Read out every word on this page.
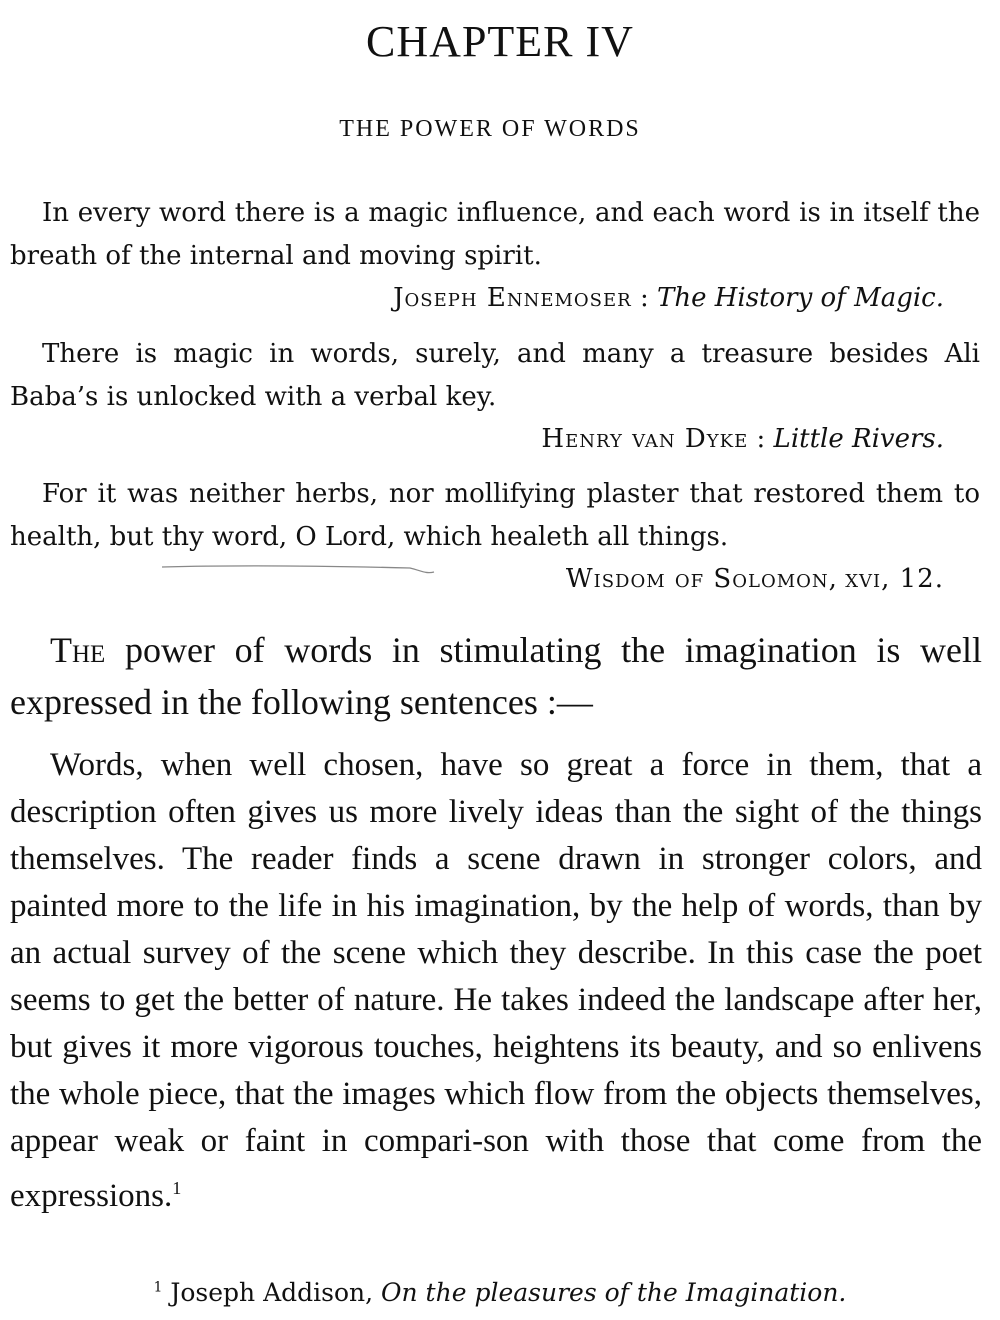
CHAPTER IV
THE POWER OF WORDS
In every word there is a magic influence, and each word is in itself the breath of the internal and moving spirit.
Joseph Ennemoser : The History of Magic.
There is magic in words, surely, and many a treasure besides Ali Baba’s is unlocked with a verbal key.
Henry van Dyke : Little Rivers.
For it was neither herbs, nor mollifying plaster that restored them to health, but thy word, O Lord, which healeth all things.
Wisdom of Solomon, xvi, 12.
The power of words in stimulating the imagination is well expressed in the following sentences :—
Words, when well chosen, have so great a force in them, that a description often gives us more lively ideas than the sight of the things themselves. The reader finds a scene drawn in stronger colors, and painted more to the life in his imagination, by the help of words, than by an actual survey of the scene which they describe. In this case the poet seems to get the better of nature. He takes indeed the landscape after her, but gives it more vigorous touches, heightens its beauty, and so enlivens the whole piece, that the images which flow from the objects themselves, appear weak or faint in compari-son with those that come from the expressions.$^1$
$^1$ Joseph Addison, On the pleasures of the Imagination.
